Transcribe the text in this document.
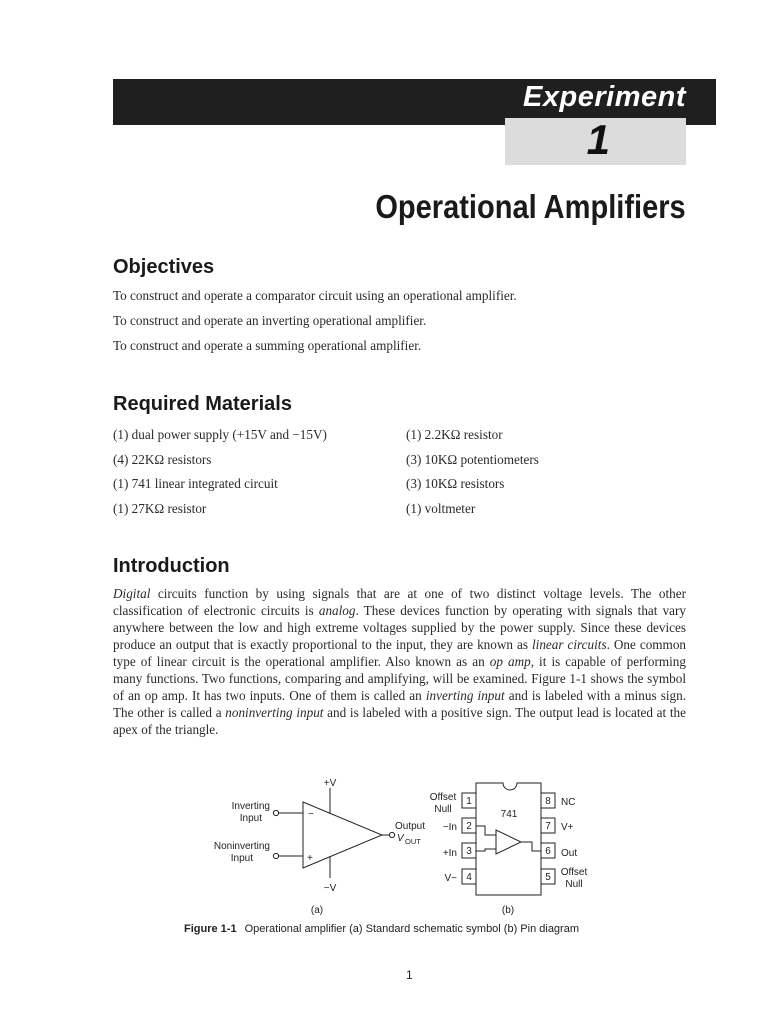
Experiment
1
Operational Amplifiers
Objectives
To construct and operate a comparator circuit using an operational amplifier.
To construct and operate an inverting operational amplifier.
To construct and operate a summing operational amplifier.
Required Materials
(1) dual power supply (+15V and −15V)
(4) 22KΩ resistors
(1) 741 linear integrated circuit
(1) 27KΩ resistor
(1) 2.2KΩ resistor
(3) 10KΩ potentiometers
(3) 10KΩ resistors
(1) voltmeter
Introduction

Digital circuits function by using signals that are at one of two distinct voltage levels. The other classification of electronic circuits is analog. These devices function by operating with signals that vary anywhere between the low and high extreme voltages supplied by the power supply. Since these devices produce an output that is exactly proportional to the input, they are known as linear circuits. One common type of linear circuit is the operational amplifier. Also known as an op amp, it is capable of performing many functions. Two functions, comparing and amplifying, will be examined. Figure 1-1 shows the symbol of an op amp. It has two inputs. One of them is called an inverting input and is labeled with a minus sign. The other is called a noninverting input and is labeled with a positive sign. The output lead is located at the apex of the triangle.

−
+
+V
−V
Inverting
Input
Noninverting
Input
Output
V OUT
(a)
1
2
3
4	5
6
7
8
741
Offset
Null
−In
+In
V−
NC
V+
Out
Offset
Null
(b)
Figure 1-1 Operational amplifier (a) Standard schematic symbol (b) Pin diagram
1
